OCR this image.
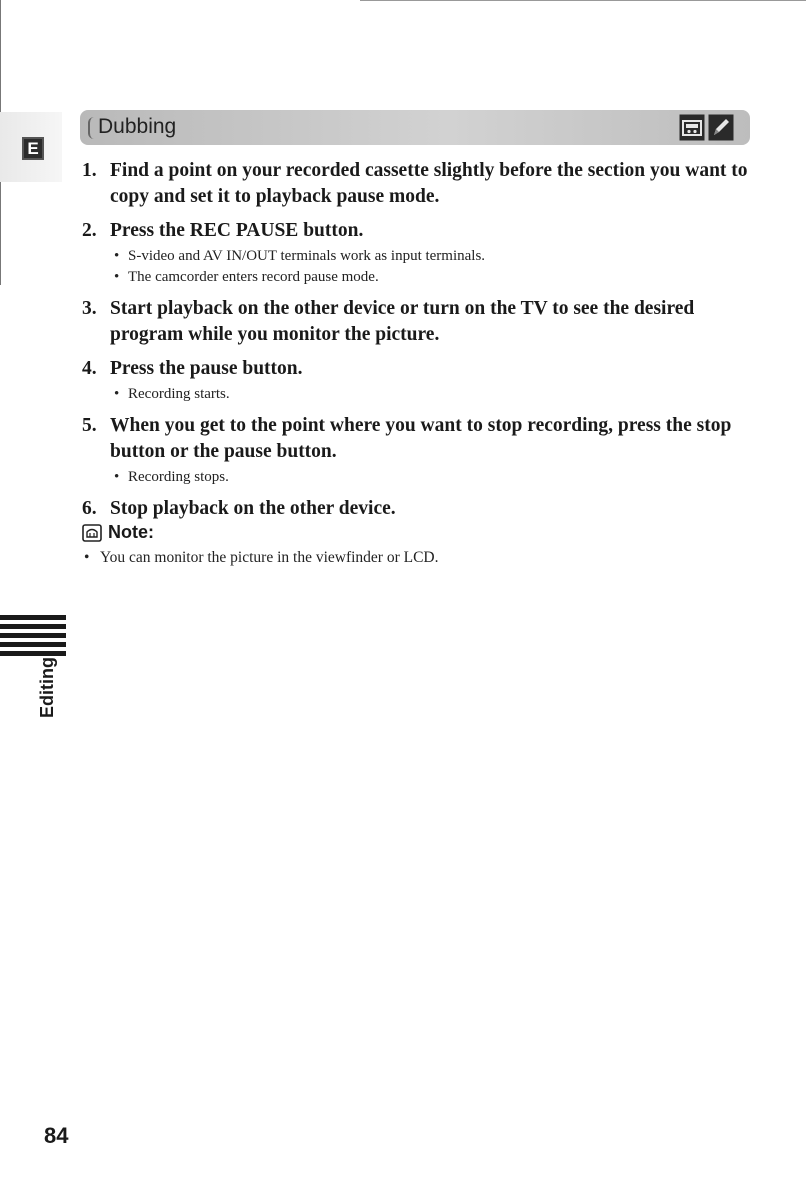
E
Dubbing
1. Find a point on your recorded cassette slightly before the section you want to copy and set it to playback pause mode.
2. Press the REC PAUSE button.
• S-video and AV IN/OUT terminals work as input terminals.
• The camcorder enters record pause mode.
3. Start playback on the other device or turn on the TV to see the desired program while you monitor the picture.
4. Press the pause button.
• Recording starts.
5. When you get to the point where you want to stop recording, press the stop button or the pause button.
• Recording stops.
6. Stop playback on the other device.
Note:
• You can monitor the picture in the viewfinder or LCD.
Editing
84
